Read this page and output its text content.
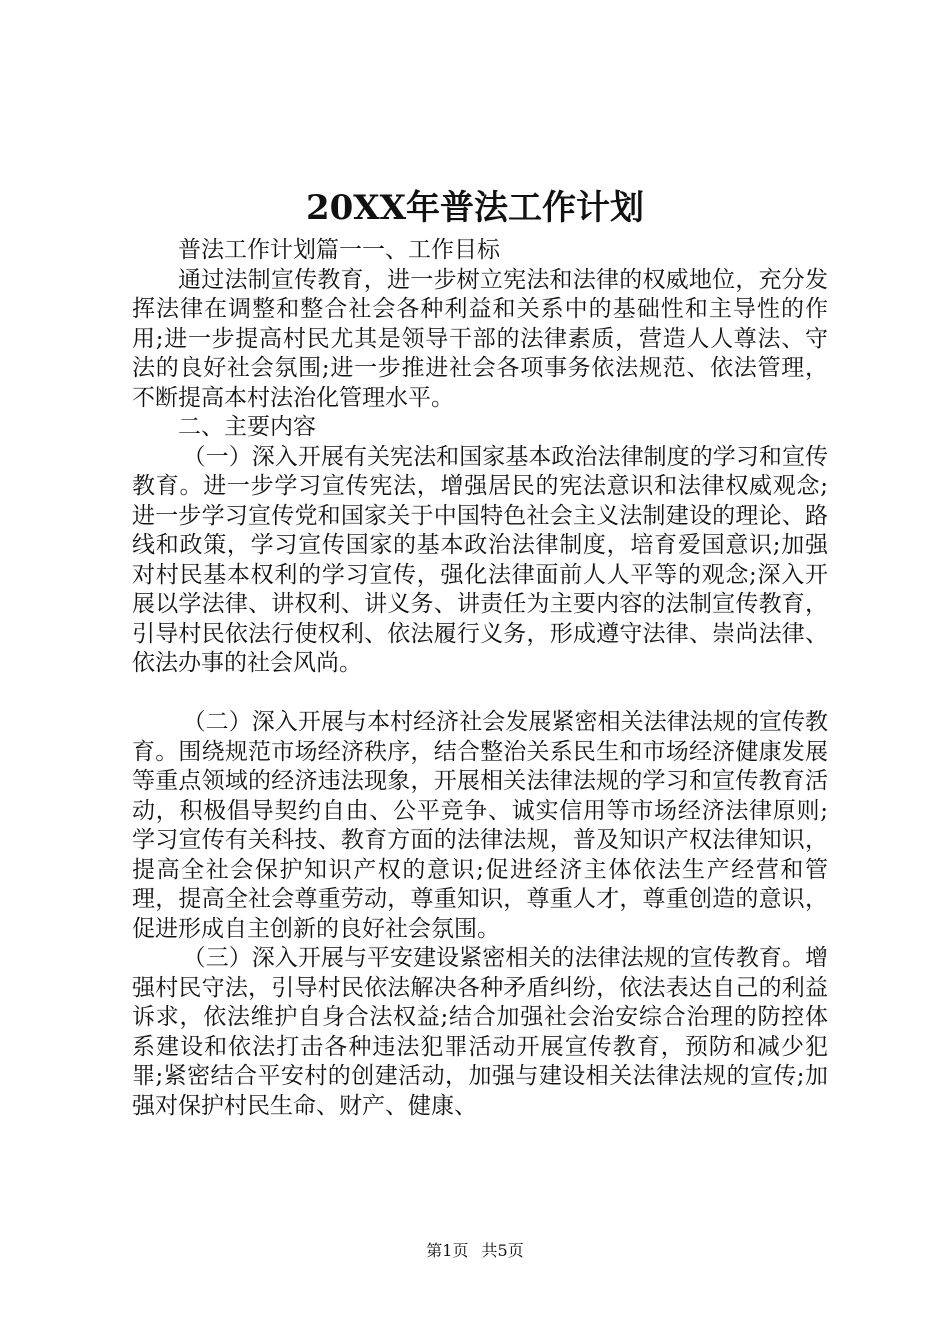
20XX年普法工作计划

普法工作计划篇一一、工作目标

通过法制宣传教育，进一步树立宪法和法律的权威地位，充分发挥法律在调整和整合社会各种利益和关系中的基础性和主导性的作用;进一步提高村民尤其是领导干部的法律素质，营造人人尊法、守法的良好社会氛围;进一步推进社会各项事务依法规范、依法管理，不断提高本村法治化管理水平。

二、主要内容

（一）深入开展有关宪法和国家基本政治法律制度的学习和宣传教育。进一步学习宣传宪法，增强居民的宪法意识和法律权威观念;进一步学习宣传党和国家关于中国特色社会主义法制建设的理论、路线和政策，学习宣传国家的基本政治法律制度，培育爱国意识;加强对村民基本权利的学习宣传，强化法律面前人人平等的观念;深入开展以学法律、讲权利、讲义务、讲责任为主要内容的法制宣传教育，引导村民依法行使权利、依法履行义务，形成遵守法律、崇尚法律、依法办事的社会风尚。

（二）深入开展与本村经济社会发展紧密相关法律法规的宣传教育。围绕规范市场经济秩序，结合整治关系民生和市场经济健康发展等重点领域的经济违法现象，开展相关法律法规的学习和宣传教育活动，积极倡导契约自由、公平竞争、诚实信用等市场经济法律原则;学习宣传有关科技、教育方面的法律法规，普及知识产权法律知识，提高全社会保护知识产权的意识;促进经济主体依法生产经营和管理，提高全社会尊重劳动，尊重知识，尊重人才，尊重创造的意识，促进形成自主创新的良好社会氛围。

（三）深入开展与平安建设紧密相关的法律法规的宣传教育。增强村民守法，引导村民依法解决各种矛盾纠纷，依法表达自己的利益诉求，依法维护自身合法权益;结合加强社会治安综合治理的防控体系建设和依法打击各种违法犯罪活动开展宣传教育，预防和减少犯罪;紧密结合平安村的创建活动，加强与建设相关法律法规的宣传;加强对保护村民生命、财产、健康、

第1页 共5页
